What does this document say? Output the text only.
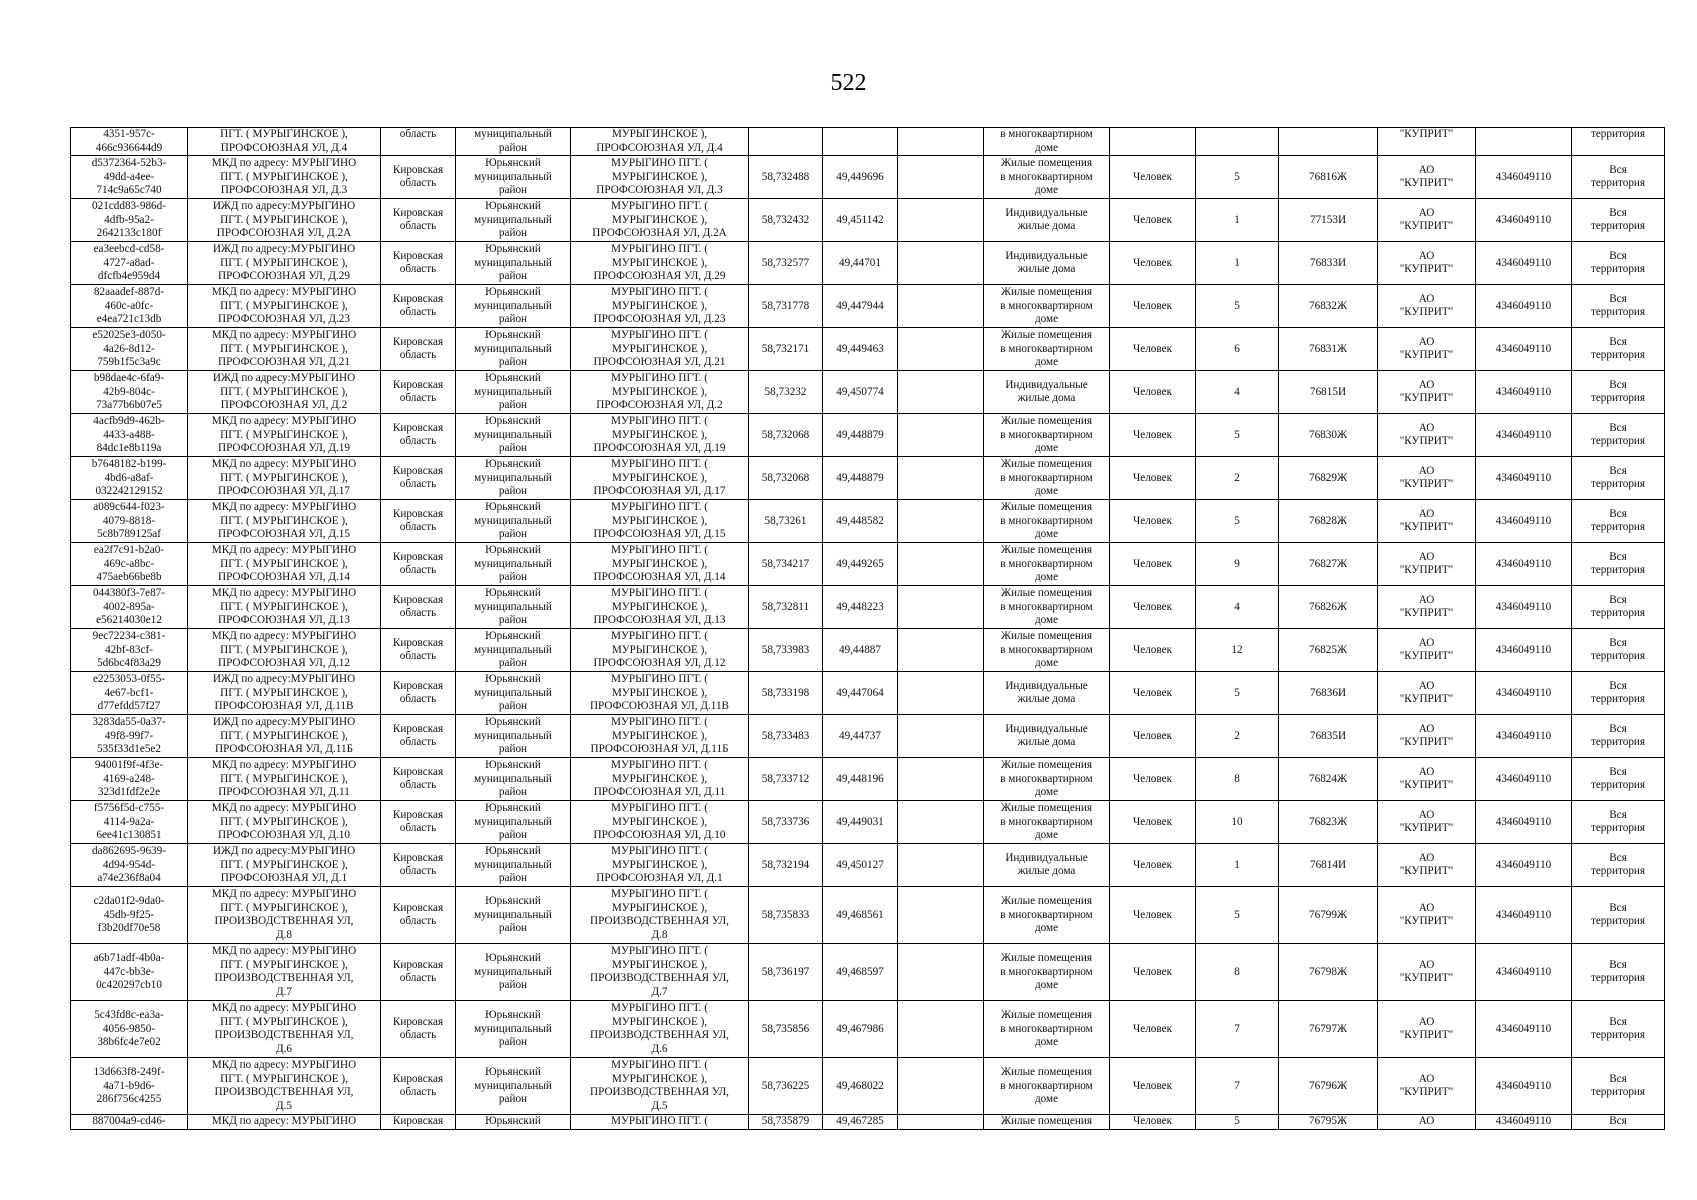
522
4351-957c-
466c936644d9	ПГТ. ( МУРЫГИНСКОЕ ),
ПРОФСОЮЗНАЯ УЛ, Д.4	область	муниципальный
район	МУРЫГИНСКОЕ ),
ПРОФСОЮЗНАЯ УЛ, Д.4				в многоквартирном
доме				"КУПРИТ"		территория
d5372364-52b3-
49dd-a4ee-
714c9a65c740	МКД по адресу: МУРЫГИНО
ПГТ. ( МУРЫГИНСКОЕ ),
ПРОФСОЮЗНАЯ УЛ, Д.3	Кировская
область	Юрьянский
муниципальный
район	МУРЫГИНО ПГТ. (
МУРЫГИНСКОЕ ),
ПРОФСОЮЗНАЯ УЛ, Д.3	58,732488	49,449696		Жилые помещения
в многоквартирном
доме	Человек	5	76816Ж	АО
"КУПРИТ"	4346049110	Вся
территория
021cdd83-986d-
4dfb-95a2-
2642133c180f	ИЖД по адресу:МУРЫГИНО
ПГТ. ( МУРЫГИНСКОЕ ),
ПРОФСОЮЗНАЯ УЛ, Д.2А	Кировская
область	Юрьянский
муниципальный
район	МУРЫГИНО ПГТ. (
МУРЫГИНСКОЕ ),
ПРОФСОЮЗНАЯ УЛ, Д.2А	58,732432	49,451142		Индивидуальные
жилые дома	Человек	1	77153И	АО
"КУПРИТ"	4346049110	Вся
территория
ea3eebcd-cd58-
4727-a8ad-
dfcfb4e959d4	ИЖД по адресу:МУРЫГИНО
ПГТ. ( МУРЫГИНСКОЕ ),
ПРОФСОЮЗНАЯ УЛ, Д.29	Кировская
область	Юрьянский
муниципальный
район	МУРЫГИНО ПГТ. (
МУРЫГИНСКОЕ ),
ПРОФСОЮЗНАЯ УЛ, Д.29	58,732577	49,44701		Индивидуальные
жилые дома	Человек	1	76833И	АО
"КУПРИТ"	4346049110	Вся
территория
82aaadef-887d-
460c-a0fc-
e4ea721c13db	МКД по адресу: МУРЫГИНО
ПГТ. ( МУРЫГИНСКОЕ ),
ПРОФСОЮЗНАЯ УЛ, Д.23	Кировская
область	Юрьянский
муниципальный
район	МУРЫГИНО ПГТ. (
МУРЫГИНСКОЕ ),
ПРОФСОЮЗНАЯ УЛ, Д.23	58,731778	49,447944		Жилые помещения
в многоквартирном
доме	Человек	5	76832Ж	АО
"КУПРИТ"	4346049110	Вся
территория
e52025e3-d050-
4a26-8d12-
759b1f5c3a9c	МКД по адресу: МУРЫГИНО
ПГТ. ( МУРЫГИНСКОЕ ),
ПРОФСОЮЗНАЯ УЛ, Д.21	Кировская
область	Юрьянский
муниципальный
район	МУРЫГИНО ПГТ. (
МУРЫГИНСКОЕ ),
ПРОФСОЮЗНАЯ УЛ, Д.21	58,732171	49,449463		Жилые помещения
в многоквартирном
доме	Человек	6	76831Ж	АО
"КУПРИТ"	4346049110	Вся
территория
b98dae4c-6fa9-
42b9-804c-
73a77b6b07e5	ИЖД по адресу:МУРЫГИНО
ПГТ. ( МУРЫГИНСКОЕ ),
ПРОФСОЮЗНАЯ УЛ, Д.2	Кировская
область	Юрьянский
муниципальный
район	МУРЫГИНО ПГТ. (
МУРЫГИНСКОЕ ),
ПРОФСОЮЗНАЯ УЛ, Д.2	58,73232	49,450774		Индивидуальные
жилые дома	Человек	4	76815И	АО
"КУПРИТ"	4346049110	Вся
территория
4acfb9d9-462b-
4433-a488-
84dc1e8b119a	МКД по адресу: МУРЫГИНО
ПГТ. ( МУРЫГИНСКОЕ ),
ПРОФСОЮЗНАЯ УЛ, Д.19	Кировская
область	Юрьянский
муниципальный
район	МУРЫГИНО ПГТ. (
МУРЫГИНСКОЕ ),
ПРОФСОЮЗНАЯ УЛ, Д.19	58,732068	49,448879		Жилые помещения
в многоквартирном
доме	Человек	5	76830Ж	АО
"КУПРИТ"	4346049110	Вся
территория
b7648182-b199-
4bd6-a8af-
032242129152	МКД по адресу: МУРЫГИНО
ПГТ. ( МУРЫГИНСКОЕ ),
ПРОФСОЮЗНАЯ УЛ, Д.17	Кировская
область	Юрьянский
муниципальный
район	МУРЫГИНО ПГТ. (
МУРЫГИНСКОЕ ),
ПРОФСОЮЗНАЯ УЛ, Д.17	58,732068	49,448879		Жилые помещения
в многоквартирном
доме	Человек	2	76829Ж	АО
"КУПРИТ"	4346049110	Вся
территория
a089c644-f023-
4079-8818-
5c8b789125af	МКД по адресу: МУРЫГИНО
ПГТ. ( МУРЫГИНСКОЕ ),
ПРОФСОЮЗНАЯ УЛ, Д.15	Кировская
область	Юрьянский
муниципальный
район	МУРЫГИНО ПГТ. (
МУРЫГИНСКОЕ ),
ПРОФСОЮЗНАЯ УЛ, Д.15	58,73261	49,448582		Жилые помещения
в многоквартирном
доме	Человек	5	76828Ж	АО
"КУПРИТ"	4346049110	Вся
территория
ea2f7c91-b2a0-
469c-a8bc-
475aeb66be8b	МКД по адресу: МУРЫГИНО
ПГТ. ( МУРЫГИНСКОЕ ),
ПРОФСОЮЗНАЯ УЛ, Д.14	Кировская
область	Юрьянский
муниципальный
район	МУРЫГИНО ПГТ. (
МУРЫГИНСКОЕ ),
ПРОФСОЮЗНАЯ УЛ, Д.14	58,734217	49,449265		Жилые помещения
в многоквартирном
доме	Человек	9	76827Ж	АО
"КУПРИТ"	4346049110	Вся
территория
044380f3-7e87-
4002-895a-
e56214030e12	МКД по адресу: МУРЫГИНО
ПГТ. ( МУРЫГИНСКОЕ ),
ПРОФСОЮЗНАЯ УЛ, Д.13	Кировская
область	Юрьянский
муниципальный
район	МУРЫГИНО ПГТ. (
МУРЫГИНСКОЕ ),
ПРОФСОЮЗНАЯ УЛ, Д.13	58,732811	49,448223		Жилые помещения
в многоквартирном
доме	Человек	4	76826Ж	АО
"КУПРИТ"	4346049110	Вся
территория
9ec72234-c381-
42bf-83cf-
5d6bc4f83a29	МКД по адресу: МУРЫГИНО
ПГТ. ( МУРЫГИНСКОЕ ),
ПРОФСОЮЗНАЯ УЛ, Д.12	Кировская
область	Юрьянский
муниципальный
район	МУРЫГИНО ПГТ. (
МУРЫГИНСКОЕ ),
ПРОФСОЮЗНАЯ УЛ, Д.12	58,733983	49,44887		Жилые помещения
в многоквартирном
доме	Человек	12	76825Ж	АО
"КУПРИТ"	4346049110	Вся
территория
e2253053-0f55-
4e67-bcf1-
d77efdd57f27	ИЖД по адресу:МУРЫГИНО
ПГТ. ( МУРЫГИНСКОЕ ),
ПРОФСОЮЗНАЯ УЛ, Д.11В	Кировская
область	Юрьянский
муниципальный
район	МУРЫГИНО ПГТ. (
МУРЫГИНСКОЕ ),
ПРОФСОЮЗНАЯ УЛ, Д.11В	58,733198	49,447064		Индивидуальные
жилые дома	Человек	5	76836И	АО
"КУПРИТ"	4346049110	Вся
территория
3283da55-0a37-
49f8-99f7-
535f33d1e5e2	ИЖД по адресу:МУРЫГИНО
ПГТ. ( МУРЫГИНСКОЕ ),
ПРОФСОЮЗНАЯ УЛ, Д.11Б	Кировская
область	Юрьянский
муниципальный
район	МУРЫГИНО ПГТ. (
МУРЫГИНСКОЕ ),
ПРОФСОЮЗНАЯ УЛ, Д.11Б	58,733483	49,44737		Индивидуальные
жилые дома	Человек	2	76835И	АО
"КУПРИТ"	4346049110	Вся
территория
94001f9f-4f3e-
4169-a248-
323d1fdf2e2e	МКД по адресу: МУРЫГИНО
ПГТ. ( МУРЫГИНСКОЕ ),
ПРОФСОЮЗНАЯ УЛ, Д.11	Кировская
область	Юрьянский
муниципальный
район	МУРЫГИНО ПГТ. (
МУРЫГИНСКОЕ ),
ПРОФСОЮЗНАЯ УЛ, Д.11	58,733712	49,448196		Жилые помещения
в многоквартирном
доме	Человек	8	76824Ж	АО
"КУПРИТ"	4346049110	Вся
территория
f5756f5d-c755-
4114-9a2a-
6ee41c130851	МКД по адресу: МУРЫГИНО
ПГТ. ( МУРЫГИНСКОЕ ),
ПРОФСОЮЗНАЯ УЛ, Д.10	Кировская
область	Юрьянский
муниципальный
район	МУРЫГИНО ПГТ. (
МУРЫГИНСКОЕ ),
ПРОФСОЮЗНАЯ УЛ, Д.10	58,733736	49,449031		Жилые помещения
в многоквартирном
доме	Человек	10	76823Ж	АО
"КУПРИТ"	4346049110	Вся
территория
da862695-9639-
4d94-954d-
a74e236f8a04	ИЖД по адресу:МУРЫГИНО
ПГТ. ( МУРЫГИНСКОЕ ),
ПРОФСОЮЗНАЯ УЛ, Д.1	Кировская
область	Юрьянский
муниципальный
район	МУРЫГИНО ПГТ. (
МУРЫГИНСКОЕ ),
ПРОФСОЮЗНАЯ УЛ, Д.1	58,732194	49,450127		Индивидуальные
жилые дома	Человек	1	76814И	АО
"КУПРИТ"	4346049110	Вся
территория
c2da01f2-9da0-
45db-9f25-
f3b20df70e58	МКД по адресу: МУРЫГИНО
ПГТ. ( МУРЫГИНСКОЕ ),
ПРОИЗВОДСТВЕННАЯ УЛ,
Д.8	Кировская
область	Юрьянский
муниципальный
район	МУРЫГИНО ПГТ. (
МУРЫГИНСКОЕ ),
ПРОИЗВОДСТВЕННАЯ УЛ,
Д.8	58,735833	49,468561		Жилые помещения
в многоквартирном
доме	Человек	5	76799Ж	АО
"КУПРИТ"	4346049110	Вся
территория
a6b71adf-4b0a-
447c-bb3e-
0c420297cb10	МКД по адресу: МУРЫГИНО
ПГТ. ( МУРЫГИНСКОЕ ),
ПРОИЗВОДСТВЕННАЯ УЛ,
Д.7	Кировская
область	Юрьянский
муниципальный
район	МУРЫГИНО ПГТ. (
МУРЫГИНСКОЕ ),
ПРОИЗВОДСТВЕННАЯ УЛ,
Д.7	58,736197	49,468597		Жилые помещения
в многоквартирном
доме	Человек	8	76798Ж	АО
"КУПРИТ"	4346049110	Вся
территория
5c43fd8c-ea3a-
4056-9850-
38b6fc4e7e02	МКД по адресу: МУРЫГИНО
ПГТ. ( МУРЫГИНСКОЕ ),
ПРОИЗВОДСТВЕННАЯ УЛ,
Д.6	Кировская
область	Юрьянский
муниципальный
район	МУРЫГИНО ПГТ. (
МУРЫГИНСКОЕ ),
ПРОИЗВОДСТВЕННАЯ УЛ,
Д.6	58,735856	49,467986		Жилые помещения
в многоквартирном
доме	Человек	7	76797Ж	АО
"КУПРИТ"	4346049110	Вся
территория
13d663f8-249f-
4a71-b9d6-
286f756c4255	МКД по адресу: МУРЫГИНО
ПГТ. ( МУРЫГИНСКОЕ ),
ПРОИЗВОДСТВЕННАЯ УЛ,
Д.5	Кировская
область	Юрьянский
муниципальный
район	МУРЫГИНО ПГТ. (
МУРЫГИНСКОЕ ),
ПРОИЗВОДСТВЕННАЯ УЛ,
Д.5	58,736225	49,468022		Жилые помещения
в многоквартирном
доме	Человек	7	76796Ж	АО
"КУПРИТ"	4346049110	Вся
территория
887004a9-cd46-	МКД по адресу: МУРЫГИНО	Кировская	Юрьянский	МУРЫГИНО ПГТ. (	58,735879	49,467285		Жилые помещения	Человек	5	76795Ж	АО	4346049110	Вся
